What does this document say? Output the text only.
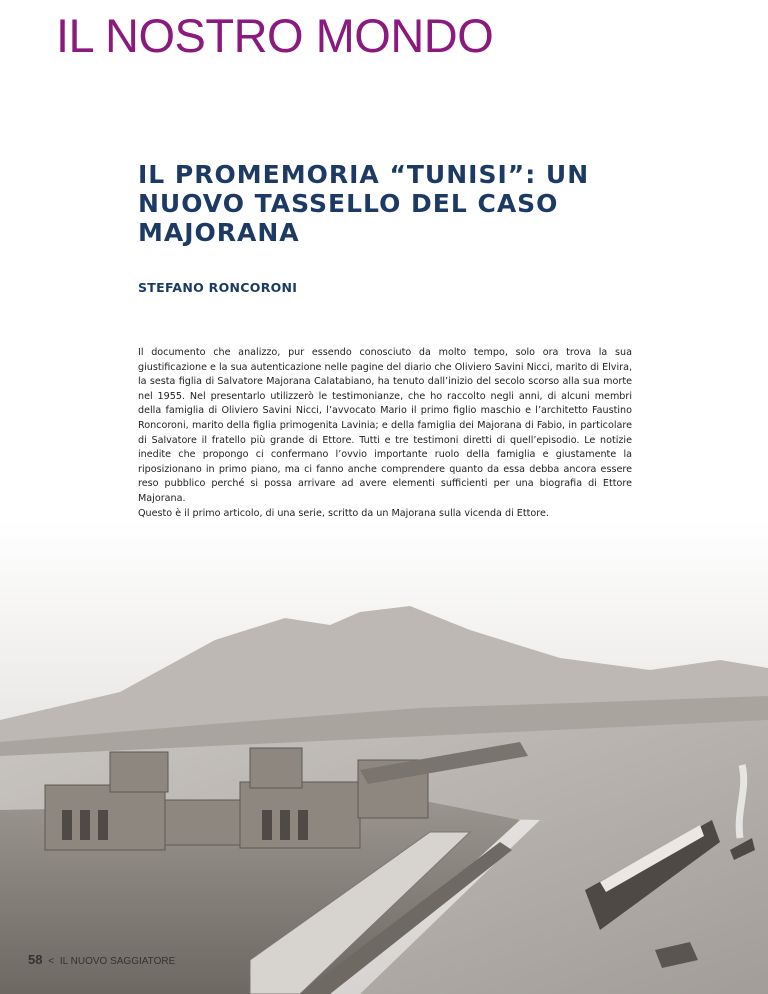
IL NOSTRO MONDO
IL PROMEMORIA “TUNISI”: UN NUOVO TASSELLO DEL CASO MAJORANA

STEFANO RONCORONI

Il documento che analizzo, pur essendo conosciuto da molto tempo, solo ora trova la sua giustificazione e la sua autenticazione nelle pagine del diario che Oliviero Savini Nicci, marito di Elvira, la sesta figlia di Salvatore Majorana Calatabiano, ha tenuto dall’inizio del secolo scorso alla sua morte nel 1955. Nel presentarlo utilizzerò le testimonianze, che ho raccolto negli anni, di alcuni membri della famiglia di Oliviero Savini Nicci, l’avvocato Mario il primo figlio maschio e l’architetto Faustino Roncoroni, marito della figlia primogenita Lavinia; e della famiglia dei Majorana di Fabio, in particolare di Salvatore il fratello più grande di Ettore. Tutti e tre testimoni diretti di quell’episodio. Le notizie inedite che propongo ci confermano l’ovvio importante ruolo della famiglia e giustamente la riposizionano in primo piano, ma ci fanno anche comprendere quanto da essa debba ancora essere reso pubblico perché si possa arrivare ad avere elementi sufficienti per una biografia di Ettore Majorana.
Questo è il primo articolo, di una serie, scritto da un Majorana sulla vicenda di Ettore.

58 < IL NUOVO SAGGIATORE
